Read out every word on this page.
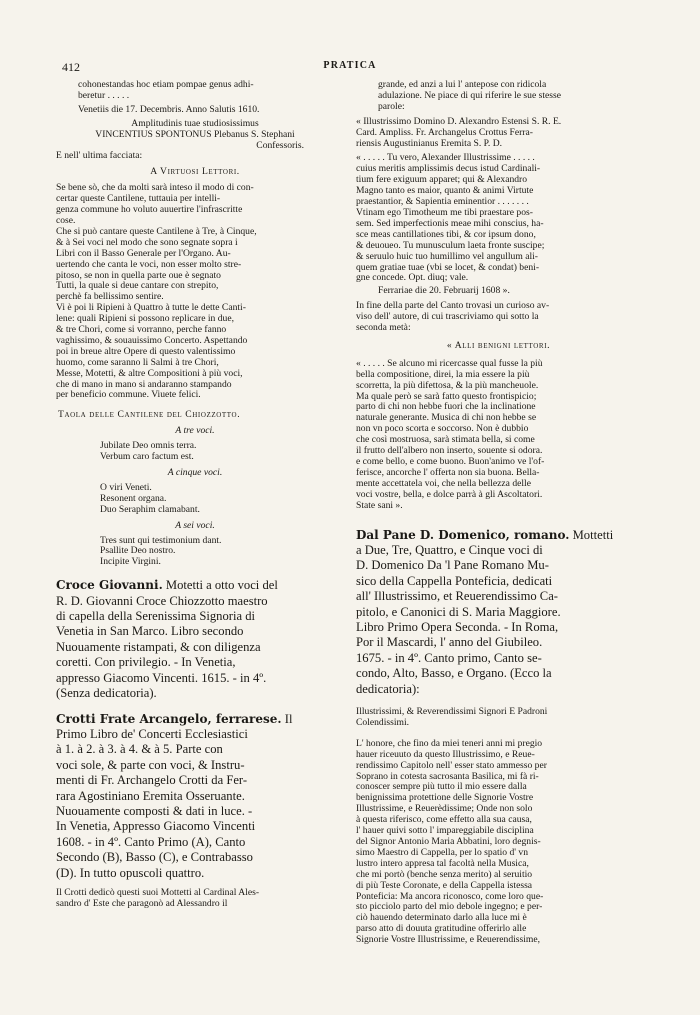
412	PRATICA

cohonestandas hoc etiam pompae genus adhi-

beretur . . . . .

Venetiis die 17. Decembris. Anno Salutis 1610.

Amplitudinis tuae studiosissimus

VINCENTIUS SPONTONUS Plebanus S. Stephani

Confessoris.

E nell' ultima facciata:

A Virtuosi Lettori.

Se bene sò, che da molti sarà inteso il modo di con-

certar queste Cantilene, tuttauia per intelli-

genza commune ho voluto auuertire l'infrascritte

cose.

Che si può cantare queste Cantilene à Tre, à Cinque,

& à Sei voci nel modo che sono segnate sopra i

Libri con il Basso Generale per l'Organo. Au-

uertendo che canta le voci, non esser molto stre-

pitoso, se non in quella parte oue è segnato

Tutti, la quale si deue cantare con strepito,

perchè fa bellissimo sentire.

Vi è poi li Ripieni à Quattro à tutte le dette Canti-

lene: quali Ripieni si possono replicare in due,

& tre Chori, come si vorranno, perche fanno

vaghissimo, & souauissimo Concerto. Aspettando

poi in breue altre Opere di questo valentissimo

huomo, come saranno li Salmi à tre Chori,

Messe, Motetti, & altre Compositioni à più voci,

che di mano in mano si andaranno stampando

per beneficio commune. Viuete felici.

Taola delle Cantilene del Chiozzotto.

A tre voci.

Jubilate Deo omnis terra.

Verbum caro factum est.

A cinque voci.

O viri Veneti.

Resonent organa.

Duo Seraphim clamabant.

A sei voci.

Tres sunt qui testimonium dant.

Psallite Deo nostro.

Incipite Virgini.

Croce Giovanni. Motetti a otto voci del

R. D. Giovanni Croce Chiozzotto maestro

di capella della Serenissima Signoria di

Venetia in San Marco. Libro secondo

Nuouamente ristampati, & con diligenza

coretti. Con privilegio. - In Venetia,

appresso Giacomo Vincenti. 1615. - in 4º.

(Senza dedicatoria).

Crotti Frate Arcangelo, ferrarese. Il

Primo Libro de' Concerti Ecclesiastici

à 1. à 2. à 3. à 4. & à 5. Parte con

voci sole, & parte con voci, & Instru-

menti di Fr. Archangelo Crotti da Fer-

rara Agostiniano Eremita Osseruante.

Nuouamente composti & dati in luce. -

In Venetia, Appresso Giacomo Vincenti

1608. - in 4º. Canto Primo (A), Canto

Secondo (B), Basso (C), e Contrabasso

(D). In tutto opuscoli quattro.

Il Crotti dedicò questi suoi Mottetti al Cardinal Ales-

sandro d' Este che paragonò ad Alessandro il

grande, ed anzi a lui l' antepose con ridicola

adulazione. Ne piace di qui riferire le sue stesse

parole:

« Illustrissimo Domino D. Alexandro Estensi S. R. E.

Card. Ampliss. Fr. Archangelus Crottus Ferra-

riensis Augustinianus Eremita S. P. D.

« . . . . . Tu vero, Alexander Illustrissime . . . . .

cuius meritis amplissimis decus istud Cardinali-

tium fere exiguum apparet; qui & Alexandro

Magno tanto es maior, quanto & animi Virtute

praestantior, & Sapientia eminentior . . . . . . .

Vtinam ego Timotheum me tibi praestare pos-

sem. Sed imperfectionis meae mihi conscius, ha-

sce meas cantillationes tibi, & cor ipsum dono,

& deuoueo. Tu munusculum laeta fronte suscipe;

& seruulo huic tuo humillimo vel angullum ali-

quem gratiae tuae (vbi se locet, & condat) beni-

gne concede. Opt. diuq; vale.

Ferrariae die 20. Februarij 1608 ».

In fine della parte del Canto trovasi un curioso av-

viso dell' autore, di cui trascriviamo qui sotto la

seconda metà:

« Alli benigni lettori.

« . . . . . Se alcuno mi ricercasse qual fusse la più

bella compositione, direi, la mia essere la più

scorretta, la più difettosa, & la più mancheuole.

Ma quale però se sarà fatto questo frontispicio;

parto di chi non hebbe fuori che la inclinatione

naturale generante. Musica di chi non hebbe se

non vn poco scorta e soccorso. Non è dubbio

che così mostruosa, sarà stimata bella, si come

il frutto dell'albero non inserto, souente si odora.

e come bello, e come buono. Buon'animo ve l'of-

ferisce, ancorche l' offerta non sia buona. Bella-

mente accettatela voi, che nella bellezza delle

voci vostre, bella, e dolce parrà à gli Ascoltatori.

State sani ».

Dal Pane D. Domenico, romano. Mottetti

a Due, Tre, Quattro, e Cinque voci di

D. Domenico Da 'l Pane Romano Mu-

sico della Cappella Ponteficia, dedicati

all' Illustrissimo, et Reuerendissimo Ca-

pitolo, e Canonici di S. Maria Maggiore.

Libro Primo Opera Seconda. - In Roma,

Por il Mascardi, l' anno del Giubileo.

1675. - in 4º. Canto primo, Canto se-

condo, Alto, Basso, e Organo. (Ecco la

dedicatoria):

Illustrissimi, & Reverendissimi Signori E Padroni

Colendissimi.

L' honore, che fino da miei teneri anni mi pregio

hauer riceuuto da questo Illustrissimo, e Reue-

rendissimo Capitolo nell' esser stato ammesso per

Soprano in cotesta sacrosanta Basilica, mi fà ri-

conoscer sempre più tutto il mio essere dalla

benignissima protettione delle Signorie Vostre

Illustrissime, e Reuerèdissime; Onde non solo

à questa riferisco, come effetto alla sua causa,

l' hauer quivi sotto l' impareggiabile disciplina

del Signor Antonio Maria Abbatini, loro degnis-

simo Maestro di Cappella, per lo spatio d' vn

lustro intero appresa tal facoltà nella Musica,

che mi portò (benche senza merito) al seruitio

di più Teste Coronate, e della Cappella istessa

Ponteficia: Ma ancora riconosco, come loro que-

sto picciolo parto del mio debole ingegno; e per-

ciò hauendo determinato darlo alla luce mi è

parso atto di douuta gratitudine offerirlo alle

Signorie Vostre Illustrissime, e Reuerendissime,
